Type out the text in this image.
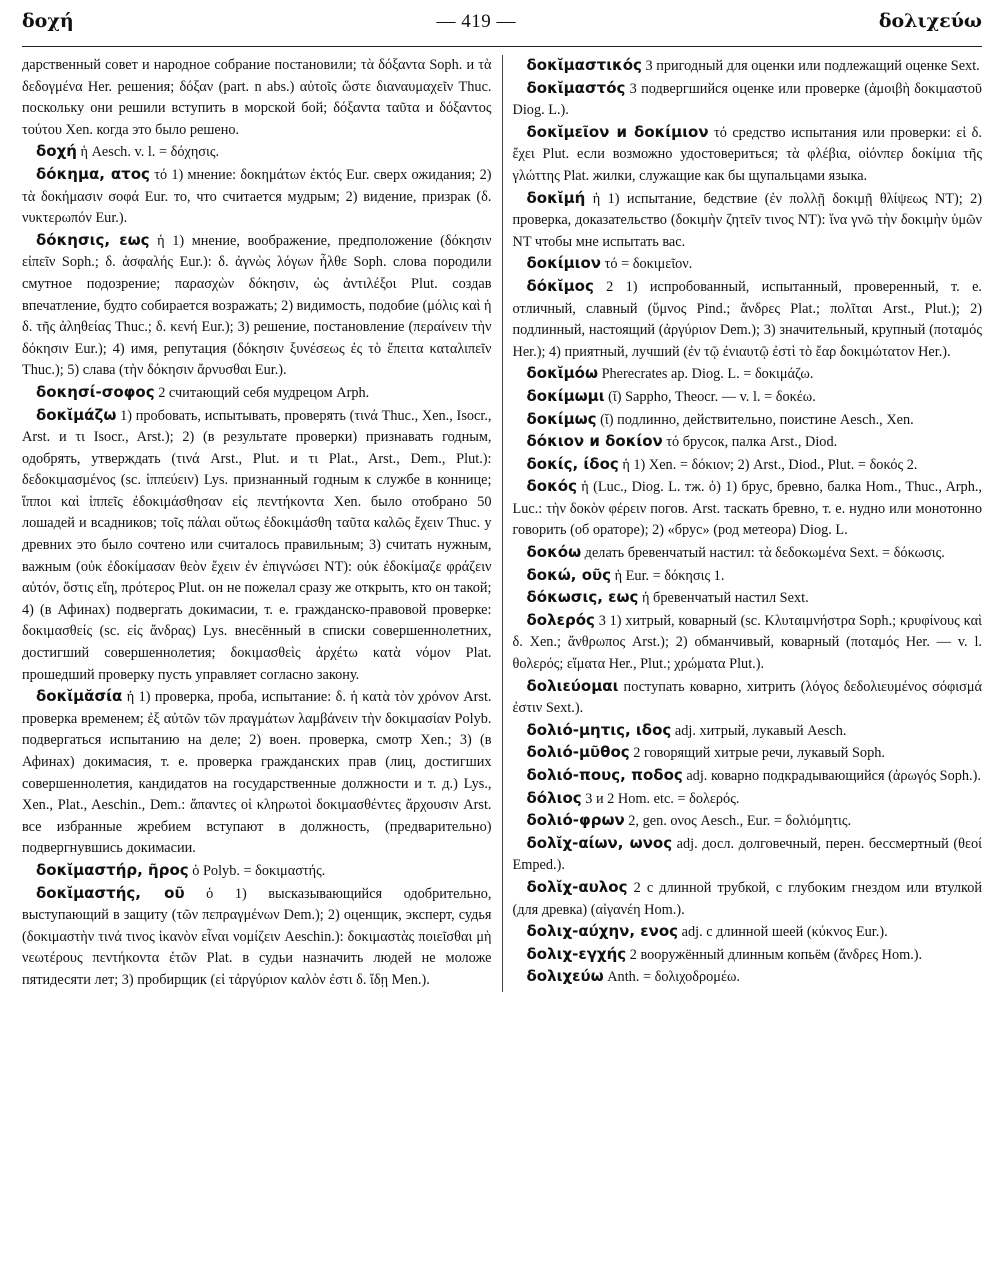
δοχή	— 419 —	δολιχεύω

дарственный совет и народное собрание постановили; τὰ δόξαντα Soph. и τὰ δεδογμένα Her. решения; δόξαν (part. n abs.) αὐτοῖς ὥστε διαναυμαχεῖν Thuc. поскольку они решили вступить в морской бой; δόξαντα ταῦτα и δόξαντος τούτου Xen. когда это было решено.

δοχή ἡ Aesch. v. l. = δόχησις.

δόκημα, ατος τό 1) мнение: δοκημάτων ἐκτός Eur. сверх ожидания; 2) τὰ δοκήμασιν σοφά Eur. то, что считается мудрым; 2) видение, призрак (δ. νυκτερωπόν Eur.).

δόκησις, εως ἡ 1) мнение, воображение, предположение (δόκησιν εἰπεῖν Soph.; δ. ἀσφαλής Eur.): δ. ἀγνὼς λόγων ἦλθε Soph. слова породили смутное подозрение; παρασχὼν δόκησιν, ὡς ἀντιλέξοι Plut. создав впечатление, будто собирается возражать; 2) видимость, подобие (μόλις καὶ ἡ δ. τῆς ἀληθείας Thuc.; δ. κενή Eur.); 3) решение, постановление (περαίνειν τὴν δόκησιν Eur.); 4) имя, репутация (δόκησιν ξυνέσεως ἐς τὸ ἔπειτα καταλιπεῖν Thuc.); 5) слава (τὴν δόκησιν ἄρνυσθαι Eur.).

δοκησί-σοφος 2 считающий себя мудрецом Arph.

δοκῐμάζω 1) пробовать, испытывать, проверять (τινά Thuc., Xen., Isocr., Arst. и τι Isocr., Arst.); 2) (в результате проверки) признавать годным, одобрять, утверждать (τινά Arst., Plut. и τι Plat., Arst., Dem., Plut.): δεδοκιμασμένος (sc. ἱππεύειν) Lys. признанный годным к службе в коннице; ἵπποι καὶ ἱππεῖς ἐδοκιμάσθησαν εἰς πεντήκοντα Xen. было отобрано 50 лошадей и всадников; τοῖς πάλαι οὕτως ἐδοκιμάσθη ταῦτα καλῶς ἔχειν Thuc. у древних это было сочтено или считалось правильным; 3) считать нужным, важным (οὐκ ἐδοκίμασαν θεὸν ἔχειν ἐν ἐπιγνώσει NT): οὐκ ἐδοκίμαζε φράζειν αὐτόν, ὅστις εἴη, πρότερος Plut. он не пожелал сразу же открыть, кто он такой; 4) (в Афинах) подвергать докимасии, т. е. гражданско-правовой проверке: δοκιμασθείς (sc. εἰς ἄνδρας) Lys. внесённый в списки совершеннолетних, достигший совершеннолетия; δοκιμασθεὶς ἀρχέτω κατὰ νόμον Plat. прошедший проверку пусть управляет согласно закону.

δοκῐμᾰσία ἡ 1) проверка, проба, испытание: δ. ἡ κατὰ τὸν χρόνον Arst. проверка временем; ἐξ αὐτῶν τῶν πραγμάτων λαμβάνειν τὴν δοκιμασίαν Polyb. подвергаться испытанию на деле; 2) воен. проверка, смотр Xen.; 3) (в Афинах) докимасия, т. е. проверка гражданских прав (лиц, достигших совершеннолетия, кандидатов на государственные должности и т. д.) Lys., Xen., Plat., Aeschin., Dem.: ἅπαντες οἱ κληρωτοὶ δοκιμασθέντες ἄρχουσιν Arst. все избранные жребием вступают в должность, (предварительно) подвергнувшись докимасии.

δοκῐμαστήρ, ῆρος ὁ Polyb. = δοκιμαστής.

δοκῐμαστής, οῦ ὁ 1) высказывающийся одобрительно, выступающий в защиту (τῶν πεπραγμένων Dem.); 2) оценщик, эксперт, судья (δοκιμαστὴν τινά τινος ἱκανὸν εἶναι νομίζειν Aeschin.): δοκιμαστὰς ποιεῖσθαι μὴ νεωτέρους πεντήκοντα ἐτῶν Plat. в судьи назначить людей не моложе пятидесяти лет; 3) пробирщик (εἰ τἀργύριον καλὸν ἐστι δ. ἴδῃ Men.).

δοκῐμαστικός 3 пригодный для оценки или подлежащий оценке Sext.

δοκῐμαστός 3 подвергшийся оценке или проверке (ἀμοιβὴ δοκιμαστοῦ Diog. L.).

δοκῐμεῖον и δοκίμιον τό средство испытания или проверки: εἰ δ. ἔχει Plut. если возможно удостовериться; τὰ φλέβια, οἱόνπερ δοκίμια τῆς γλώττης Plat. жилки, служащие как бы щупальцами языка.

δοκῐμή ἡ 1) испытание, бедствие (ἐν πολλῇ δοκιμῇ θλίψεως NT); 2) проверка, доказательство (δοκιμὴν ζητεῖν τινος NT): ἵνα γνῶ τὴν δοκιμὴν ὑμῶν NT чтобы мне испытать вас.

δοκίμιον τό = δοκιμεῖον.

δόκῐμος 2 1) испробованный, испытанный, проверенный, т. е. отличный, славный (ὕμνος Pind.; ἄνδρες Plat.; πολῖται Arst., Plut.); 2) подлинный, настоящий (ἀργύριον Dem.); 3) значительный, крупный (ποταμός Her.); 4) приятный, лучший (ἐν τῷ ἐνιαυτῷ ἐστὶ τὸ ἔαρ δοκιμώτατον Her.).

δοκῐμόω Pherecrates ap. Diog. L. = δοκιμάζω.

δοκίμωμι (ῐ) Sappho, Theocr. — v. l. = δοκέω.

δοκίμως (ῐ) подлинно, действительно, поистине Aesch., Xen.

δόκιον и δοκίον τό брусок, палка Arst., Diod.

δοκίς, ίδος ἡ 1) Xen. = δόκιον; 2) Arst., Diod., Plut. = δοκός 2.

δοκός ἡ (Luc., Diog. L. тж. ὁ) 1) брус, бревно, балка Hom., Thuc., Arph., Luc.: τὴν δοκὸν φέρειν погов. Arst. таскать бревно, т. е. нудно или монотонно говорить (об ораторе); 2) «брус» (род метеора) Diog. L.

δοκόω делать бревенчатый настил: τὰ δεδοκωμένα Sext. = δόκωσις.

δοκώ, οῦς ἡ Eur. = δόκησις 1.

δόκωσις, εως ἡ бревенчатый настил Sext.

δολερός 3 1) хитрый, коварный (sc. Κλυταιμνήστρα Soph.; κρυφίνους καὶ δ. Xen.; ἄνθρωπος Arst.); 2) обманчивый, коварный (ποταμός Her. — v. l. θολερός; εἵματα Her., Plut.; χρώματα Plut.).

δολιεύομαι поступать коварно, хитрить (λόγος δεδολιευμένος σόφισμά ἐστιν Sext.).

δολιό-μητις, ιδος adj. хитрый, лукавый Aesch.

δολιό-μῦθος 2 говорящий хитрые речи, лукавый Soph.

δολιό-πους, ποδος adj. коварно подкрадывающийся (ἀρωγός Soph.).

δόλιος 3 и 2 Hom. etc. = δολερός.

δολιό-φρων 2, gen. ονος Aesch., Eur. = δολιόμητις.

δολῐχ-αίων, ωνος adj. досл. долговечный, перен. бессмертный (θεοί Emped.).

δολῐχ-αυλος 2 с длинной трубкой, с глубоким гнездом или втулкой (для древка) (αἰγανέη Hom.).

δολιχ-αύχην, ενος adj. с длинной шеей (κύκνος Eur.).

δολιχ-εγχής 2 вооружённый длинным копьём (ἄνδρες Hom.).

δολιχεύω Anth. = δολιχοδρομέω.
